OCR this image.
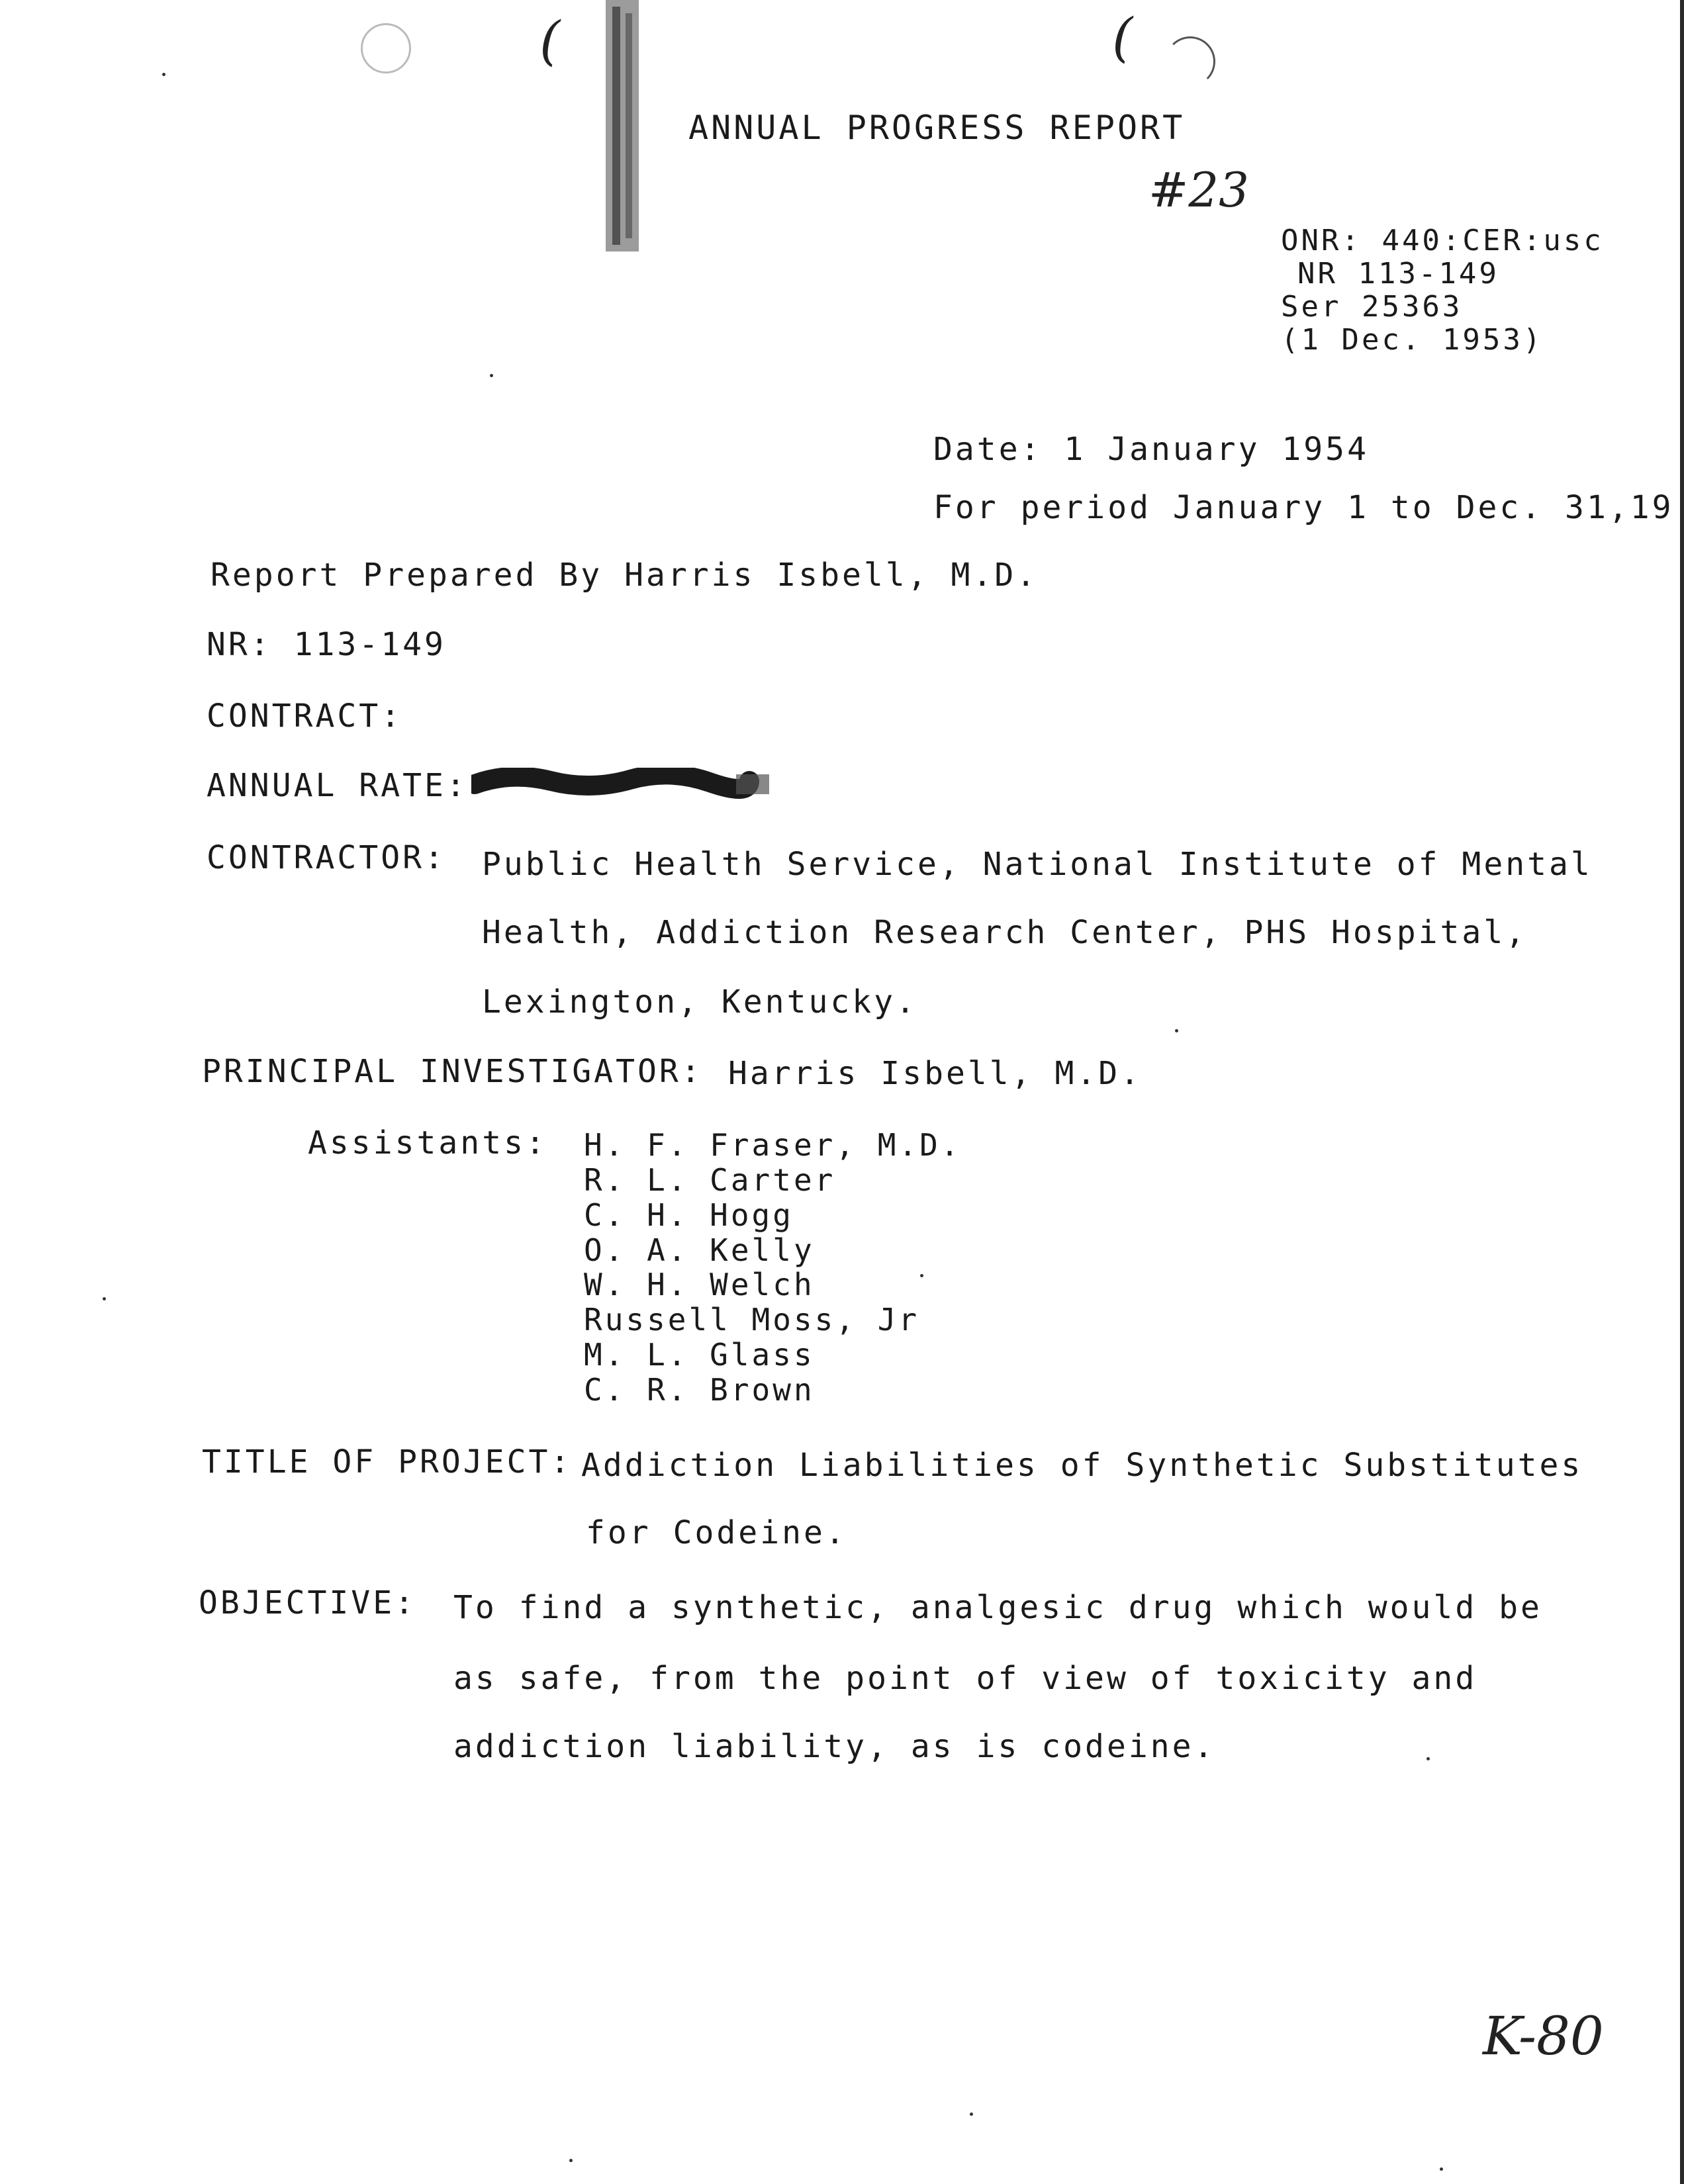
(	(
ANNUAL PROGRESS REPORT
#23
ONR: 440:CER:usc
NR 113-149
Ser 25363
(1 Dec. 1953)
Date: 1 January 1954
For period January 1 to Dec. 31,19
Report Prepared By Harris Isbell, M.D.
NR: 113-149
CONTRACT:
ANNUAL RATE:
CONTRACTOR: Public Health Service, National Institute of Mental
Health, Addiction Research Center, PHS Hospital,
Lexington, Kentucky.
PRINCIPAL INVESTIGATOR: Harris Isbell, M.D.
Assistants: H. F. Fraser, M.D.
R. L. Carter
C. H. Hogg
O. A. Kelly
W. H. Welch
Russell Moss, Jr
M. L. Glass
C. R. Brown
TITLE OF PROJECT: Addiction Liabilities of Synthetic Substitutes
for Codeine.
OBJECTIVE: To find a synthetic, analgesic drug which would be
as safe, from the point of view of toxicity and
addiction liability, as is codeine.
K-80
